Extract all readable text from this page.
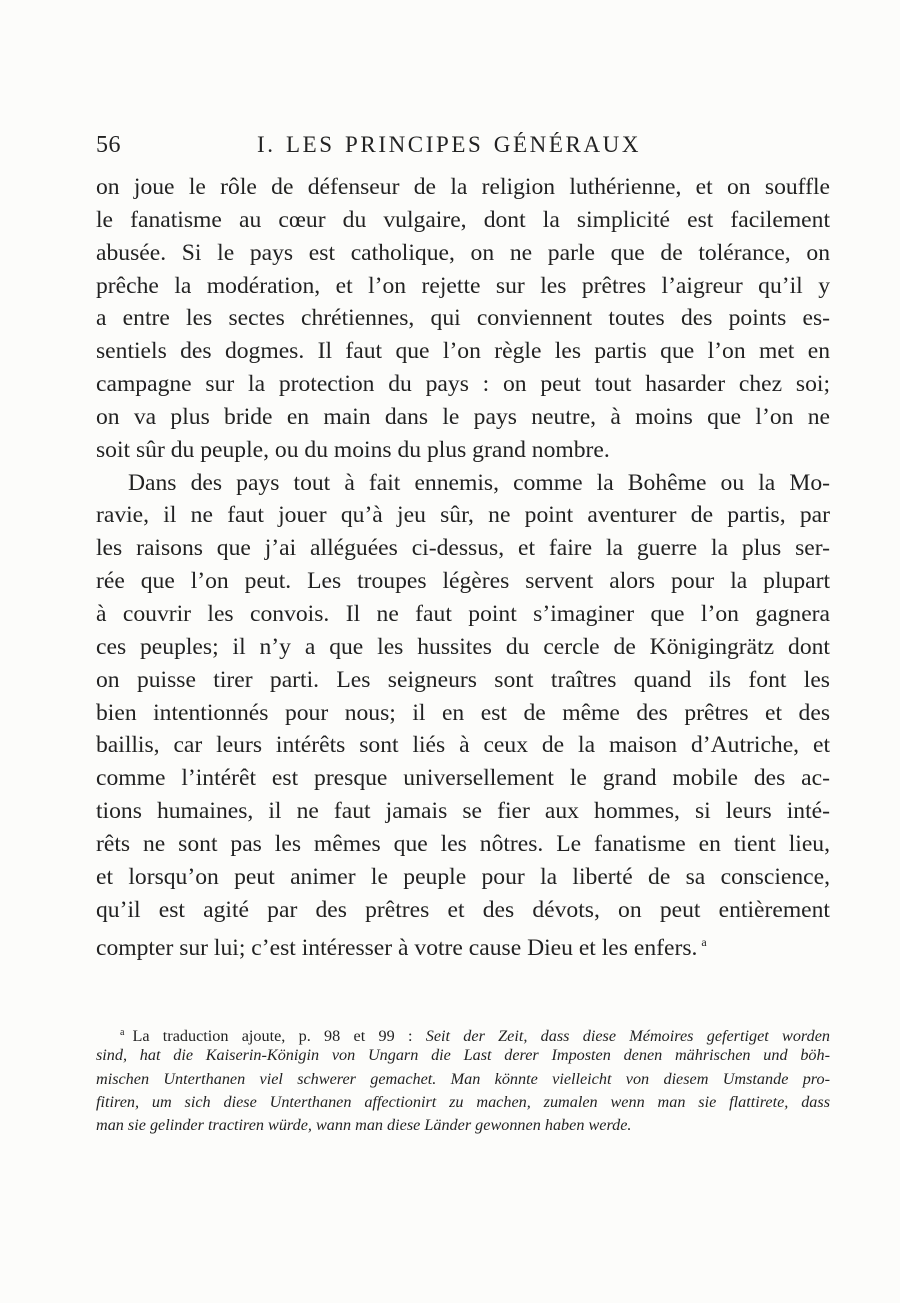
56	I. LES PRINCIPES GÉNÉRAUX
on joue le rôle de défenseur de la religion luthérienne, et on souffle
le fanatisme au cœur du vulgaire, dont la simplicité est facilement
abusée. Si le pays est catholique, on ne parle que de tolérance, on
prêche la modération, et l’on rejette sur les prêtres l’aigreur qu’il y
a entre les sectes chrétiennes, qui conviennent toutes des points es-
sentiels des dogmes. Il faut que l’on règle les partis que l’on met en
campagne sur la protection du pays : on peut tout hasarder chez soi;
on va plus bride en main dans le pays neutre, à moins que l’on ne
soit sûr du peuple, ou du moins du plus grand nombre.
Dans des pays tout à fait ennemis, comme la Bohême ou la Mo-
ravie, il ne faut jouer qu’à jeu sûr, ne point aventurer de partis, par
les raisons que j’ai alléguées ci-dessus, et faire la guerre la plus ser-
rée que l’on peut. Les troupes légères servent alors pour la plupart
à couvrir les convois. Il ne faut point s’imaginer que l’on gagnera
ces peuples; il n’y a que les hussites du cercle de Königingrätz dont
on puisse tirer parti. Les seigneurs sont traîtres quand ils font les
bien intentionnés pour nous; il en est de même des prêtres et des
baillis, car leurs intérêts sont liés à ceux de la maison d’Autriche, et
comme l’intérêt est presque universellement le grand mobile des ac-
tions humaines, il ne faut jamais se fier aux hommes, si leurs inté-
rêts ne sont pas les mêmes que les nôtres. Le fanatisme en tient lieu,
et lorsqu’on peut animer le peuple pour la liberté de sa conscience,
qu’il est agité par des prêtres et des dévots, on peut entièrement
compter sur lui; c’est intéresser à votre cause Dieu et les enfers. $^a$
$^a$ La traduction ajoute, p. 98 et 99 : Seit der Zeit, dass diese Mémoires gefertiget worden
sind, hat die Kaiserin-Königin von Ungarn die Last derer Imposten denen mährischen und böh-
mischen Unterthanen viel schwerer gemachet. Man könnte vielleicht von diesem Umstande pro-
fitiren, um sich diese Unterthanen affectionirt zu machen, zumalen wenn man sie flattirete, dass
man sie gelinder tractiren würde, wann man diese Länder gewonnen haben werde.
